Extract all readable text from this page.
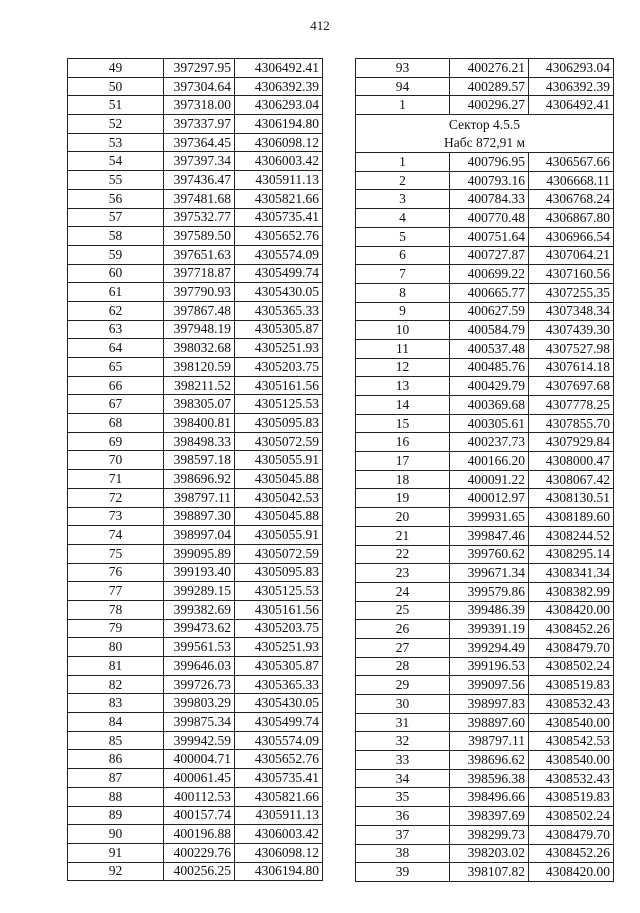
412
49	397297.95	4306492.41
50	397304.64	4306392.39
51	397318.00	4306293.04
52	397337.97	4306194.80
53	397364.45	4306098.12
54	397397.34	4306003.42
55	397436.47	4305911.13
56	397481.68	4305821.66
57	397532.77	4305735.41
58	397589.50	4305652.76
59	397651.63	4305574.09
60	397718.87	4305499.74
61	397790.93	4305430.05
62	397867.48	4305365.33
63	397948.19	4305305.87
64	398032.68	4305251.93
65	398120.59	4305203.75
66	398211.52	4305161.56
67	398305.07	4305125.53
68	398400.81	4305095.83
69	398498.33	4305072.59
70	398597.18	4305055.91
71	398696.92	4305045.88
72	398797.11	4305042.53
73	398897.30	4305045.88
74	398997.04	4305055.91
75	399095.89	4305072.59
76	399193.40	4305095.83
77	399289.15	4305125.53
78	399382.69	4305161.56
79	399473.62	4305203.75
80	399561.53	4305251.93
81	399646.03	4305305.87
82	399726.73	4305365.33
83	399803.29	4305430.05
84	399875.34	4305499.74
85	399942.59	4305574.09
86	400004.71	4305652.76
87	400061.45	4305735.41
88	400112.53	4305821.66
89	400157.74	4305911.13
90	400196.88	4306003.42
91	400229.76	4306098.12
92	400256.25	4306194.80
93	400276.21	4306293.04
94	400289.57	4306392.39
1	400296.27	4306492.41

Сектор 4.5.5
Набс 872,91 м		

1	400796.95	4306567.66
2	400793.16	4306668.11
3	400784.33	4306768.24
4	400770.48	4306867.80
5	400751.64	4306966.54
6	400727.87	4307064.21
7	400699.22	4307160.56
8	400665.77	4307255.35
9	400627.59	4307348.34
10	400584.79	4307439.30
11	400537.48	4307527.98
12	400485.76	4307614.18
13	400429.79	4307697.68
14	400369.68	4307778.25
15	400305.61	4307855.70
16	400237.73	4307929.84
17	400166.20	4308000.47
18	400091.22	4308067.42
19	400012.97	4308130.51
20	399931.65	4308189.60
21	399847.46	4308244.52
22	399760.62	4308295.14
23	399671.34	4308341.34
24	399579.86	4308382.99
25	399486.39	4308420.00
26	399391.19	4308452.26
27	399294.49	4308479.70
28	399196.53	4308502.24
29	399097.56	4308519.83
30	398997.83	4308532.43
31	398897.60	4308540.00
32	398797.11	4308542.53
33	398696.62	4308540.00
34	398596.38	4308532.43
35	398496.66	4308519.83
36	398397.69	4308502.24
37	398299.73	4308479.70
38	398203.02	4308452.26
39	398107.82	4308420.00
